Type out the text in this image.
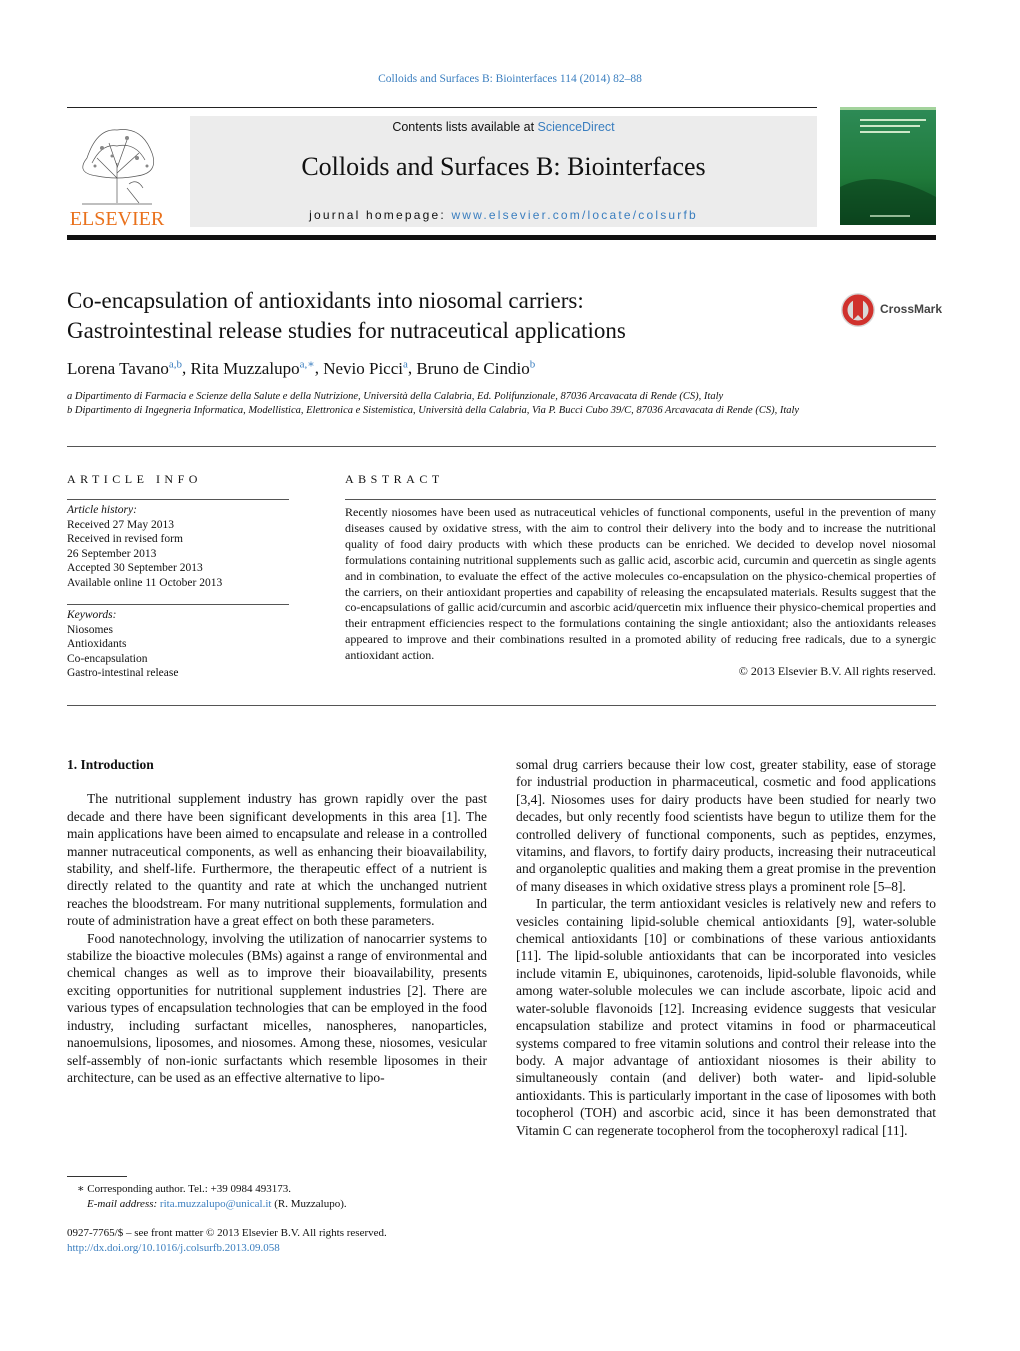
Colloids and Surfaces B: Biointerfaces 114 (2014) 82–88
ELSEVIER
Contents lists available at ScienceDirect
Colloids and Surfaces B: Biointerfaces
journal homepage: www.elsevier.com/locate/colsurfb
Co-encapsulation of antioxidants into niosomal carriers:
Gastrointestinal release studies for nutraceutical applications
CrossMark
Lorena Tavano$^{a,b}$, Rita Muzzalupo$^{a,∗}$, Nevio Picci$^a$, Bruno de Cindio$^b$
a Dipartimento di Farmacia e Scienze della Salute e della Nutrizione, Università della Calabria, Ed. Polifunzionale, 87036 Arcavacata di Rende (CS), Italy
b Dipartimento di Ingegneria Informatica, Modellistica, Elettronica e Sistemistica, Università della Calabria, Via P. Bucci Cubo 39/C, 87036 Arcavacata di Rende (CS), Italy
ARTICLE INFO
Article history:
Received 27 May 2013
Received in revised form
26 September 2013
Accepted 30 September 2013
Available online 11 October 2013
Keywords:
Niosomes
Antioxidants
Co-encapsulation
Gastro-intestinal release
ABSTRACT
Recently niosomes have been used as nutraceutical vehicles of functional components, useful in the prevention of many diseases caused by oxidative stress, with the aim to control their delivery into the body and to increase the nutritional quality of food dairy products with which these products can be enriched. We decided to develop novel niosomal formulations containing nutritional supplements such as gallic acid, ascorbic acid, curcumin and quercetin as single agents and in combination, to evaluate the effect of the active molecules co-encapsulation on the physico-chemical properties of the carriers, on their antioxidant properties and capability of releasing the encapsulated materials. Results suggest that the co-encapsulations of gallic acid/curcumin and ascorbic acid/quercetin mix influence their physico-chemical properties and their entrapment efficiencies respect to the formulations containing the single antioxidant; also the antioxidants releases appeared to improve and their combinations resulted in a promoted ability of reducing free radicals, due to a synergic antioxidant action.
© 2013 Elsevier B.V. All rights reserved.
1. Introduction

The nutritional supplement industry has grown rapidly over the past decade and there have been significant developments in this area [1]. The main applications have been aimed to encapsulate and release in a controlled manner nutraceutical components, as well as enhancing their bioavailability, stability, and shelf-life. Furthermore, the therapeutic effect of a nutrient is directly related to the quantity and rate at which the unchanged nutrient reaches the bloodstream. For many nutritional supplements, formulation and route of administration have a great effect on both these parameters.

Food nanotechnology, involving the utilization of nanocarrier systems to stabilize the bioactive molecules (BMs) against a range of environmental and chemical changes as well as to improve their bioavailability, presents exciting opportunities for nutritional supplement industries [2]. There are various types of encapsulation technologies that can be employed in the food industry, including surfactant micelles, nanospheres, nanoparticles, nanoemulsions, liposomes, and niosomes. Among these, niosomes, vesicular self-assembly of non-ionic surfactants which resemble liposomes in their architecture, can be used as an effective alternative to lipo-

somal drug carriers because their low cost, greater stability, ease of storage for industrial production in pharmaceutical, cosmetic and food applications [3,4]. Niosomes uses for dairy products have been studied for nearly two decades, but only recently food scientists have begun to utilize them for the controlled delivery of functional components, such as peptides, enzymes, vitamins, and flavors, to fortify dairy products, increasing their nutraceutical and organoleptic qualities and making them a great promise in the prevention of many diseases in which oxidative stress plays a prominent role [5–8].

In particular, the term antioxidant vesicles is relatively new and refers to vesicles containing lipid-soluble chemical antioxidants [9], water-soluble chemical antioxidants [10] or combinations of these various antioxidants [11]. The lipid-soluble antioxidants that can be incorporated into vesicles include vitamin E, ubiquinones, carotenoids, lipid-soluble flavonoids, while among water-soluble molecules we can include ascorbate, lipoic acid and water-soluble flavonoids [12]. Increasing evidence suggests that vesicular encapsulation stabilize and protect vitamins in food or pharmaceutical systems compared to free vitamin solutions and control their release into the body. A major advantage of antioxidant niosomes is their ability to simultaneously contain (and deliver) both water- and lipid-soluble antioxidants. This is particularly important in the case of liposomes with both tocopherol (TOH) and ascorbic acid, since it has been demonstrated that Vitamin C can regenerate tocopherol from the tocopheroxyl radical [11].

∗ Corresponding author. Tel.: +39 0984 493173.
E-mail address: rita.muzzalupo@unical.it (R. Muzzalupo).
0927-7765/$ – see front matter © 2013 Elsevier B.V. All rights reserved.
http://dx.doi.org/10.1016/j.colsurfb.2013.09.058
